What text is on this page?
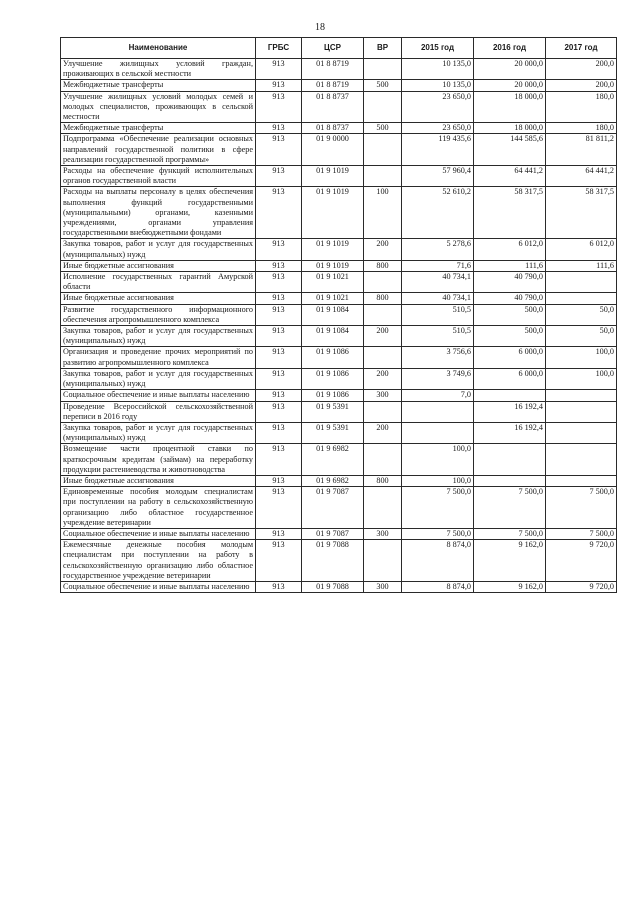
18
Наименование	ГРБС	ЦСР	ВР	2015 год	2016 год	2017 год
Улучшение жилищных условий граждан, проживающих в сельской местности	913	01 8 8719		10 135,0	20 000,0	200,0
Межбюджетные трансферты	913	01 8 8719	500	10 135,0	20 000,0	200,0
Улучшение жилищных условий молодых семей и молодых специалистов, проживающих в сельской местности	913	01 8 8737		23 650,0	18 000,0	180,0
Межбюджетные трансферты	913	01 8 8737	500	23 650,0	18 000,0	180,0
Подпрограмма «Обеспечение реализации основных направлений государственной политики в сфере реализации государственной программы»	913	01 9 0000		119 435,6	144 585,6	81 811,2
Расходы на обеспечение функций исполнительных органов государственной власти	913	01 9 1019		57 960,4	64 441,2	64 441,2
Расходы на выплаты персоналу в целях обеспечения выполнения функций государственными (муниципальными) органами, казенными учреждениями, органами управления государственными внебюджетными фондами	913	01 9 1019	100	52 610,2	58 317,5	58 317,5
Закупка товаров, работ и услуг для государственных (муниципальных) нужд	913	01 9 1019	200	5 278,6	6 012,0	6 012,0
Иные бюджетные ассигнования	913	01 9 1019	800	71,6	111,6	111,6
Исполнение государственных гарантий Амурской области	913	01 9 1021		40 734,1	40 790,0	
Иные бюджетные ассигнования	913	01 9 1021	800	40 734,1	40 790,0	
Развитие государственного информационного обеспечения агропромышленного комплекса	913	01 9 1084		510,5	500,0	50,0
Закупка товаров, работ и услуг для государственных (муниципальных) нужд	913	01 9 1084	200	510,5	500,0	50,0
Организация и проведение прочих мероприятий по развитию агропромышленного комплекса	913	01 9 1086		3 756,6	6 000,0	100,0
Закупка товаров, работ и услуг для государственных (муниципальных) нужд	913	01 9 1086	200	3 749,6	6 000,0	100,0
Социальное обеспечение и иные выплаты населению	913	01 9 1086	300	7,0		
Проведение Всероссийской сельскохозяйственной переписи в 2016 году	913	01 9 5391			16 192,4	
Закупка товаров, работ и услуг для государственных (муниципальных) нужд	913	01 9 5391	200		16 192,4	
Возмещение части процентной ставки по краткосрочным кредитам (займам) на переработку продукции растениеводства и животноводства	913	01 9 6982		100,0		
Иные бюджетные ассигнования	913	01 9 6982	800	100,0		
Единовременные пособия молодым специалистам при поступлении на работу в сельскохозяйственную организацию либо областное государственное учреждение ветеринарии	913	01 9 7087		7 500,0	7 500,0	7 500,0
Социальное обеспечение и иные выплаты населению	913	01 9 7087	300	7 500,0	7 500,0	7 500,0
Ежемесячные денежные пособия молодым специалистам при поступлении на работу в сельскохозяйственную организацию либо областное государственное учреждение ветеринарии	913	01 9 7088		8 874,0	9 162,0	9 720,0
Социальное обеспечение и иные выплаты населению	913	01 9 7088	300	8 874,0	9 162,0	9 720,0
